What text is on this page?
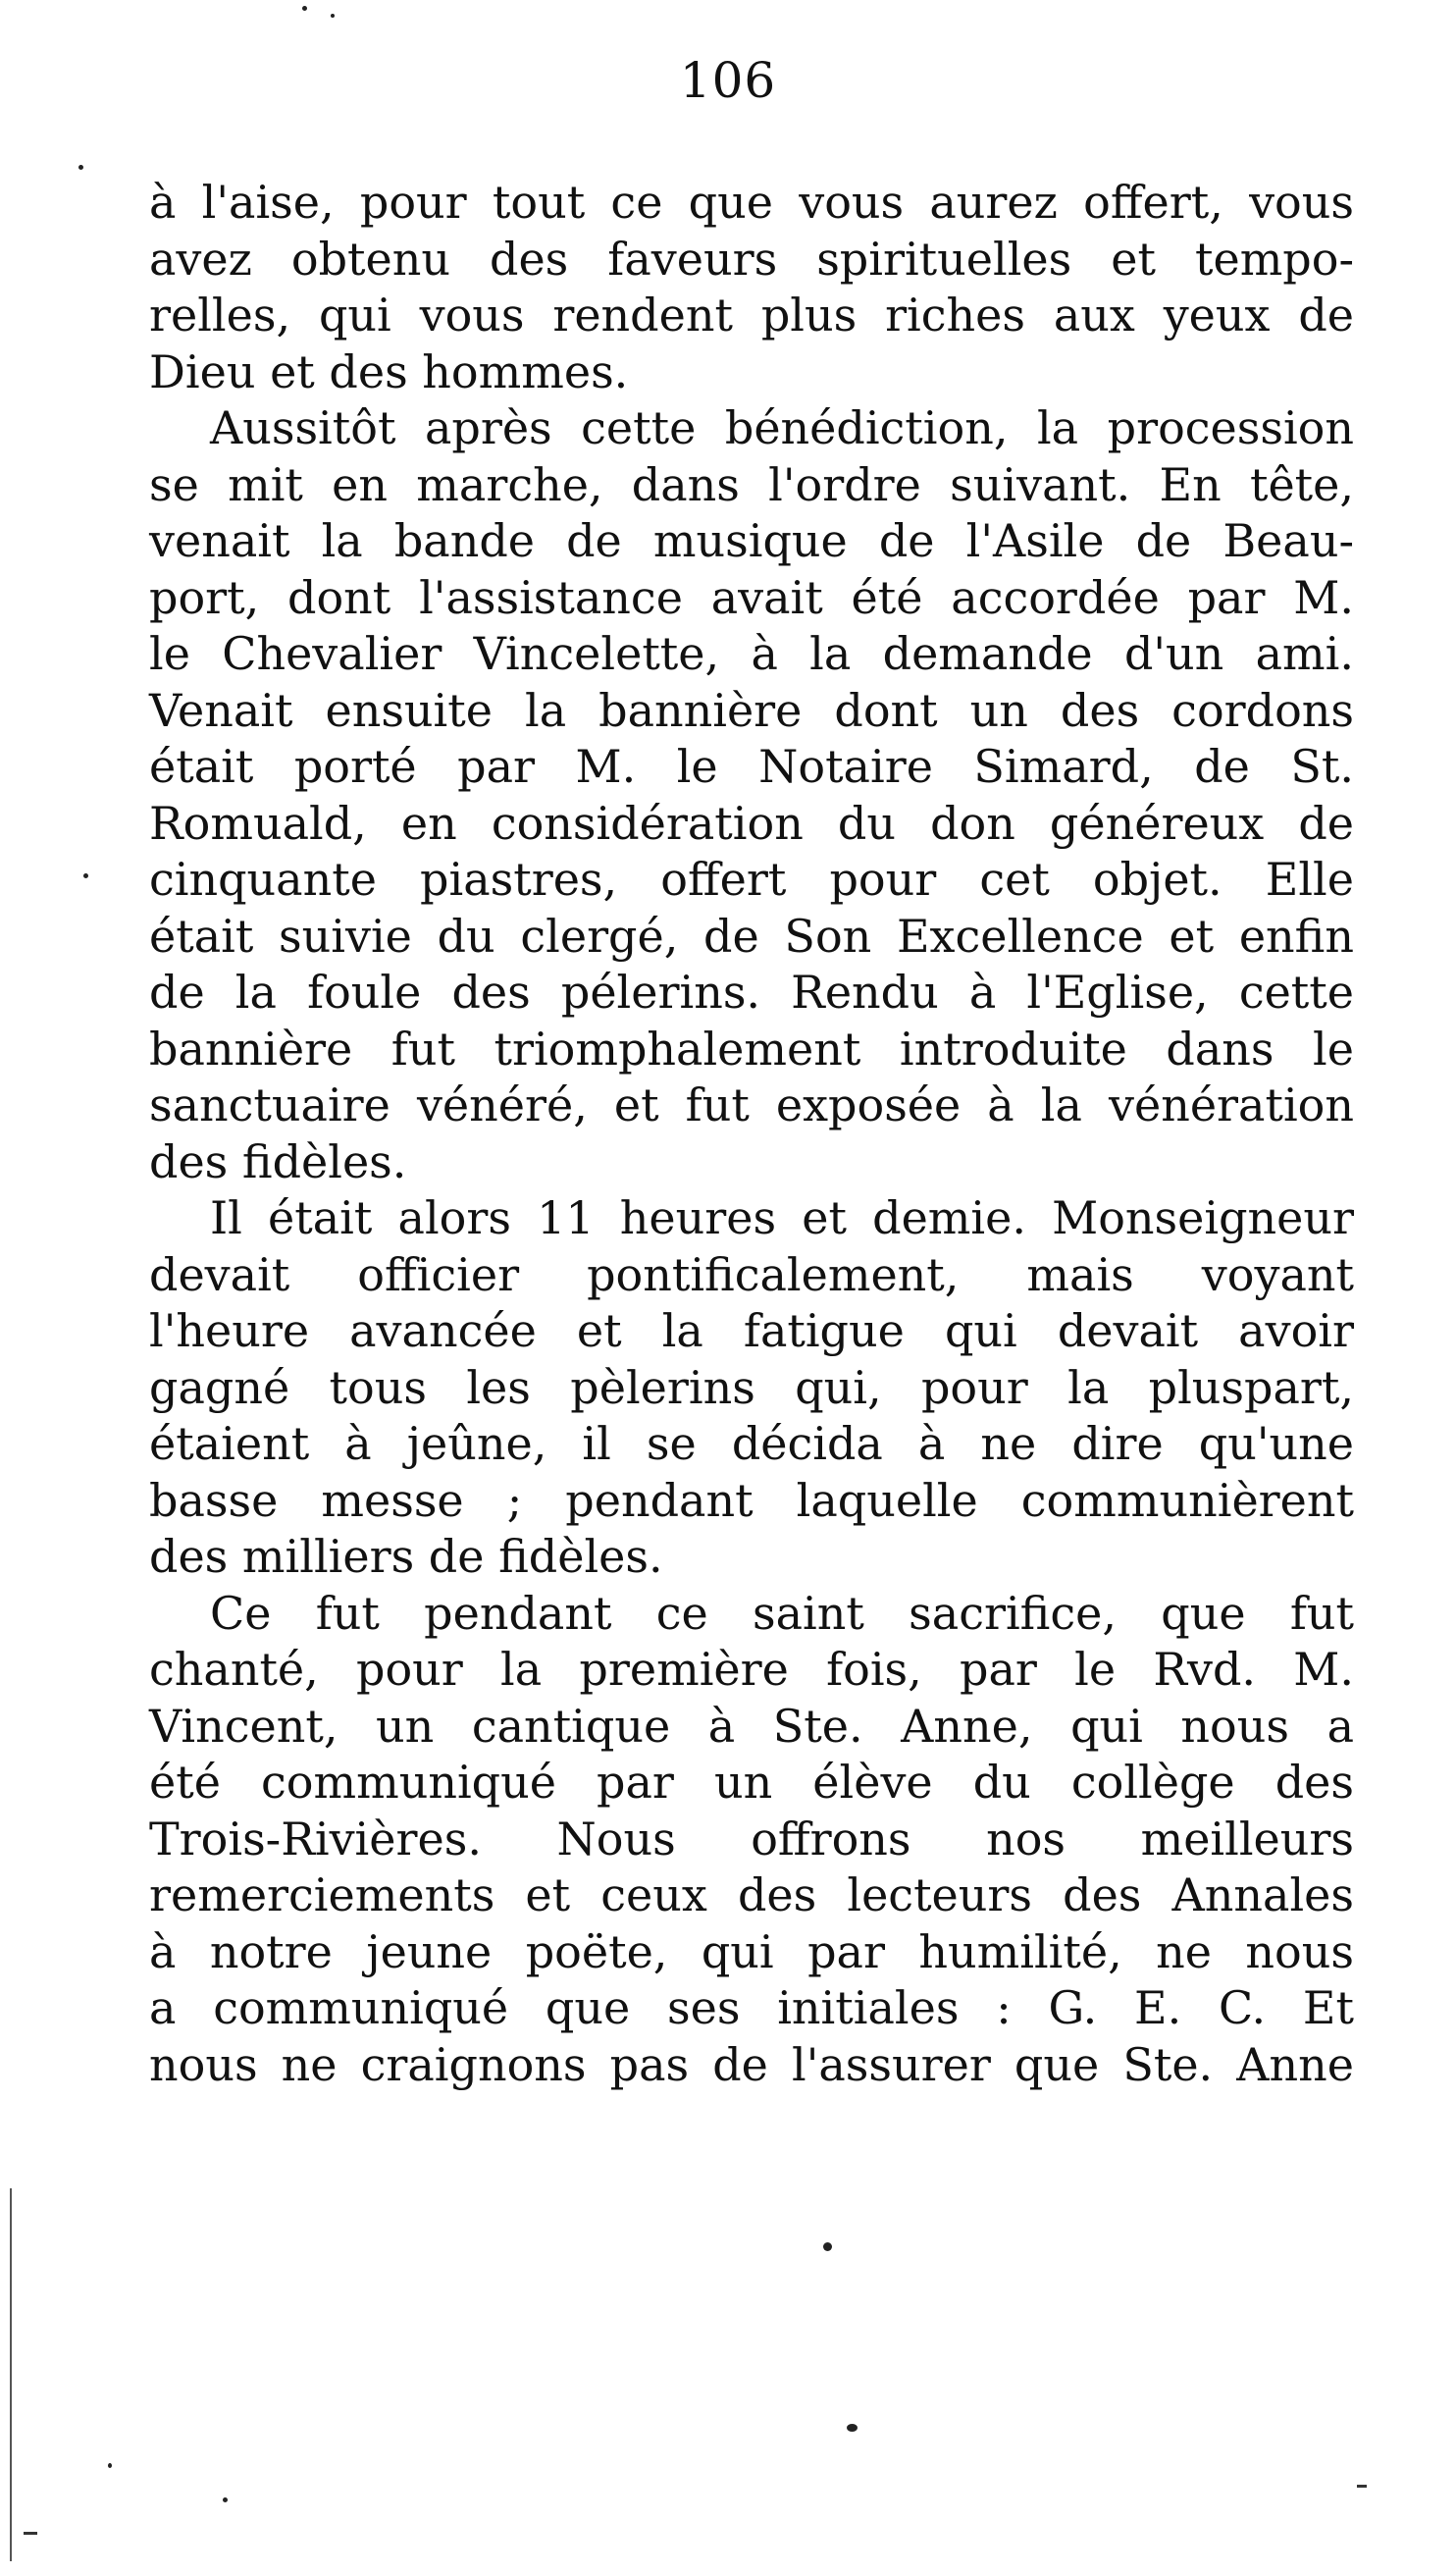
106
à l'aise, pour tout ce que vous aurez offert, vous
avez obtenu des faveurs spirituelles et tempo-
relles, qui vous rendent plus riches aux yeux de
Dieu et des hommes.
Aussitôt après cette bénédiction, la procession
se mit en marche, dans l'ordre suivant. En tête,
venait la bande de musique de l'Asile de Beau-
port, dont l'assistance avait été accordée par M.
le Chevalier Vincelette, à la demande d'un ami.
Venait ensuite la bannière dont un des cordons
était porté par M. le Notaire Simard, de St.
Romuald, en considération du don généreux de
cinquante piastres, offert pour cet objet. Elle
était suivie du clergé, de Son Excellence et enfin
de la foule des pélerins. Rendu à l'Eglise, cette
bannière fut triomphalement introduite dans le
sanctuaire vénéré, et fut exposée à la vénération
des fidèles.
Il était alors 11 heures et demie. Monseigneur
devait officier pontificalement, mais voyant
l'heure avancée et la fatigue qui devait avoir
gagné tous les pèlerins qui, pour la pluspart,
étaient à jeûne, il se décida à ne dire qu'une
basse messe ; pendant laquelle communièrent
des milliers de fidèles.
Ce fut pendant ce saint sacrifice, que fut
chanté, pour la première fois, par le Rvd. M.
Vincent, un cantique à Ste. Anne, qui nous a
été communiqué par un élève du collège des
Trois-Rivières. Nous offrons nos meilleurs
remerciements et ceux des lecteurs des Annales
à notre jeune poëte, qui par humilité, ne nous
a communiqué que ses initiales : G. E. C. Et
nous ne craignons pas de l'assurer que Ste. Anne
